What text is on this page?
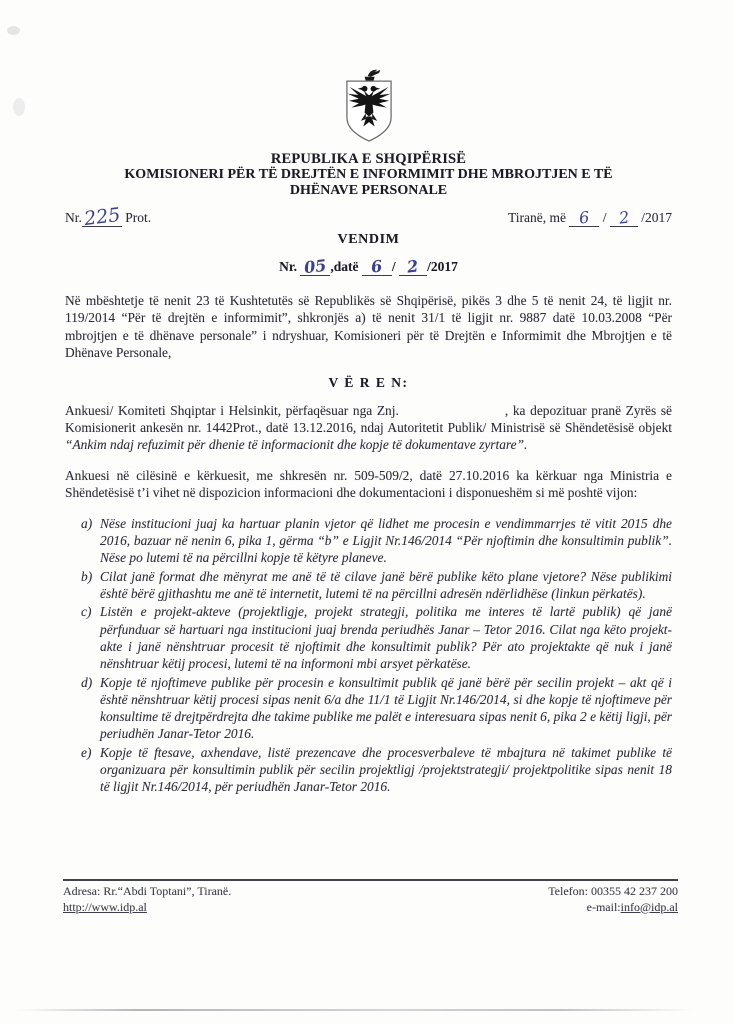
REPUBLIKA E SHQIPËRISË
KOMISIONERI PËR TË DREJTËN E INFORMIMIT DHE MBROJTJEN E TË
DHËNAVE PERSONALE
Nr.225 Prot.	Tiranë, më 6 / 2 /2017
VENDIM
Nr. 05 ,datë 6 / 2 /2017

Në mbështetje të nenit 23 të Kushtetutës së Republikës së Shqipërisë, pikës 3 dhe 5 të nenit 24, të ligjit nr. 119/2014 “Për të drejtën e informimit”, shkronjës a) të nenit 31/1 të ligjit nr. 9887 datë 10.03.2008 “Për mbrojtjen e të dhënave personale” i ndryshuar, Komisioneri për të Drejtën e Informimit dhe Mbrojtjen e të Dhënave Personale,

V Ë R E N:

Ankuesi/ Komiteti Shqiptar i Helsinkit, përfaqësuar nga Znj.	, ka depozituar pranë Zyrës së Komisionerit ankesën nr. 1442Prot., datë 13.12.2016, ndaj Autoritetit Publik/ Ministrisë së Shëndetësisë objekt “Ankim ndaj refuzimit për dhenie të informacionit dhe kopje të dokumentave zyrtare”.

Ankuesi në cilësinë e kërkuesit, me shkresën nr. 509-509/2, datë 27.10.2016 ka kërkuar nga Ministria e Shëndetësisë t’i vihet në dispozicion informacioni dhe dokumentacioni i disponueshëm si më poshtë vijon:

a) Nëse institucioni juaj ka hartuar planin vjetor që lidhet me procesin e vendimmarrjes të vitit 2015 dhe 2016, bazuar në nenin 6, pika 1, gërma “b” e Ligjit Nr.146/2014 “Për njoftimin dhe konsultimin publik”. Nëse po lutemi të na përcillni kopje të këtyre planeve.
b) Cilat janë format dhe mënyrat me anë të të cilave janë bërë publike këto plane vjetore? Nëse publikimi është bërë gjithashtu me anë të internetit, lutemi të na përcillni adresën ndërlidhëse (linkun përkatës).
c) Listën e projekt-akteve (projektligje, projekt strategji, politika me interes të lartë publik) që janë përfunduar së hartuari nga institucioni juaj brenda periudhës Janar – Tetor 2016. Cilat nga këto projekt-akte i janë nënshtruar procesit të njoftimit dhe konsultimit publik? Për ato projektakte që nuk i janë nënshtruar këtij procesi, lutemi të na informoni mbi arsyet përkatëse.
d) Kopje të njoftimeve publike për procesin e konsultimit publik që janë bërë për secilin projekt – akt që i është nënshtruar këtij procesi sipas nenit 6/a dhe 11/1 të Ligjit Nr.146/2014, si dhe kopje të njoftimeve për konsultime të drejtpërdrejta dhe takime publike me palët e interesuara sipas nenit 6, pika 2 e këtij ligji, për periudhën Janar-Tetor 2016.
e) Kopje të ftesave, axhendave, listë prezencave dhe procesverbaleve të mbajtura në takimet publike të organizuara për konsultimin publik për secilin projektligj /projektstrategji/ projektpolitike sipas nenit 18 të ligjit Nr.146/2014, për periudhën Janar-Tetor 2016.
Adresa: Rr.“Abdi Toptani”, Tiranë.
http://www.idp.al
Telefon: 00355 42 237 200
e-mail:info@idp.al
